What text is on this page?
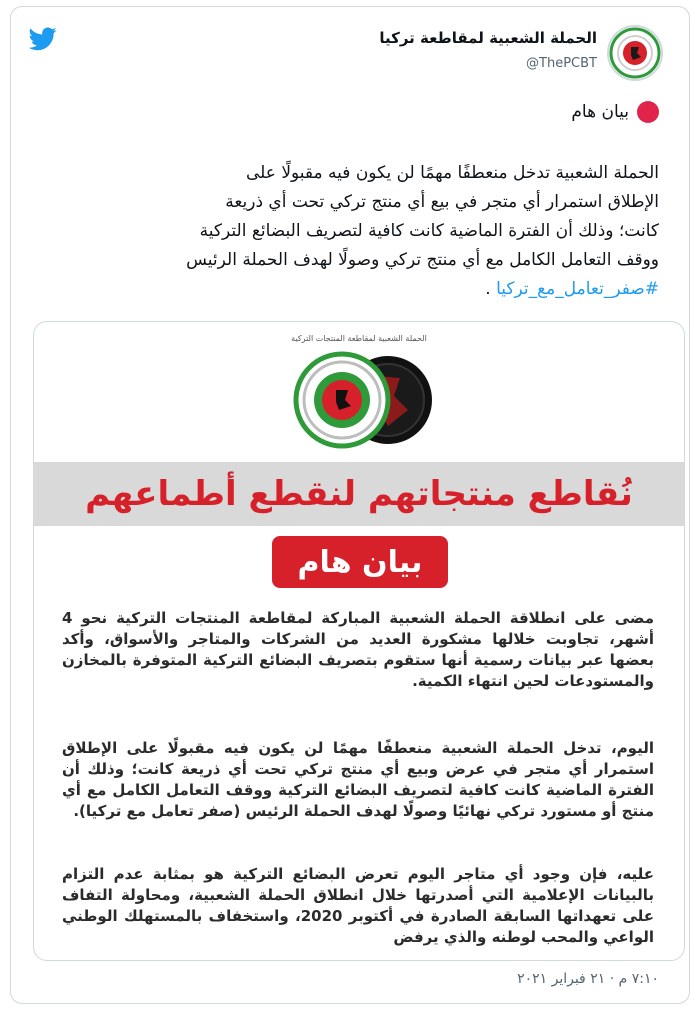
الحملة الشعبية لمقاطعة تركيا
@ThePCBT
بيان هام
الحملة الشعبية تدخل منعطفًا مهمًا لن يكون فيه مقبولًا على
الإطلاق استمرار أي متجر في بيع أي منتج تركي تحت أي ذريعة
كانت؛ وذلك أن الفترة الماضية كانت كافية لتصريف البضائع التركية
ووقف التعامل الكامل مع أي منتج تركي وصولًا لهدف الحملة الرئيس
#صفر_تعامل_مع_تركيا .
الحملة الشعبية لمقاطعة المنتجات التركية
نُقاطع منتجاتهم لنقطع أطماعهم
بيان هام
مضى على انطلاقة الحملة الشعبية المباركة لمقاطعة المنتجات التركية نحو 4 أشهر، تجاوبت خلالها مشكورة العديد من الشركات والمتاجر والأسواق، وأكد بعضها عبر بيانات رسمية أنها ستقوم بتصريف البضائع التركية المتوفرة بالمخازن والمستودعات لحين انتهاء الكمية.
اليوم، تدخل الحملة الشعبية منعطفًا مهمًا لن يكون فيه مقبولًا على الإطلاق استمرار أي متجر في عرض وبيع أي منتج تركي تحت أي ذريعة كانت؛ وذلك أن الفترة الماضية كانت كافية لتصريف البضائع التركية ووقف التعامل الكامل مع أي منتج أو مستورد تركي نهائيًا وصولًا لهدف الحملة الرئيس (صفر تعامل مع تركيا).
عليه، فإن وجود أي متاجر اليوم تعرض البضائع التركية هو بمثابة عدم التزام بالبيانات الإعلامية التي أصدرتها خلال انطلاق الحملة الشعبية، ومحاولة التفاف على تعهداتها السابقة الصادرة في أكتوبر 2020، واستخفاف بالمستهلك الوطني الواعي والمحب لوطنه والذي يرفض
٧:١٠ م · ٢١ فبراير ٢٠٢١
